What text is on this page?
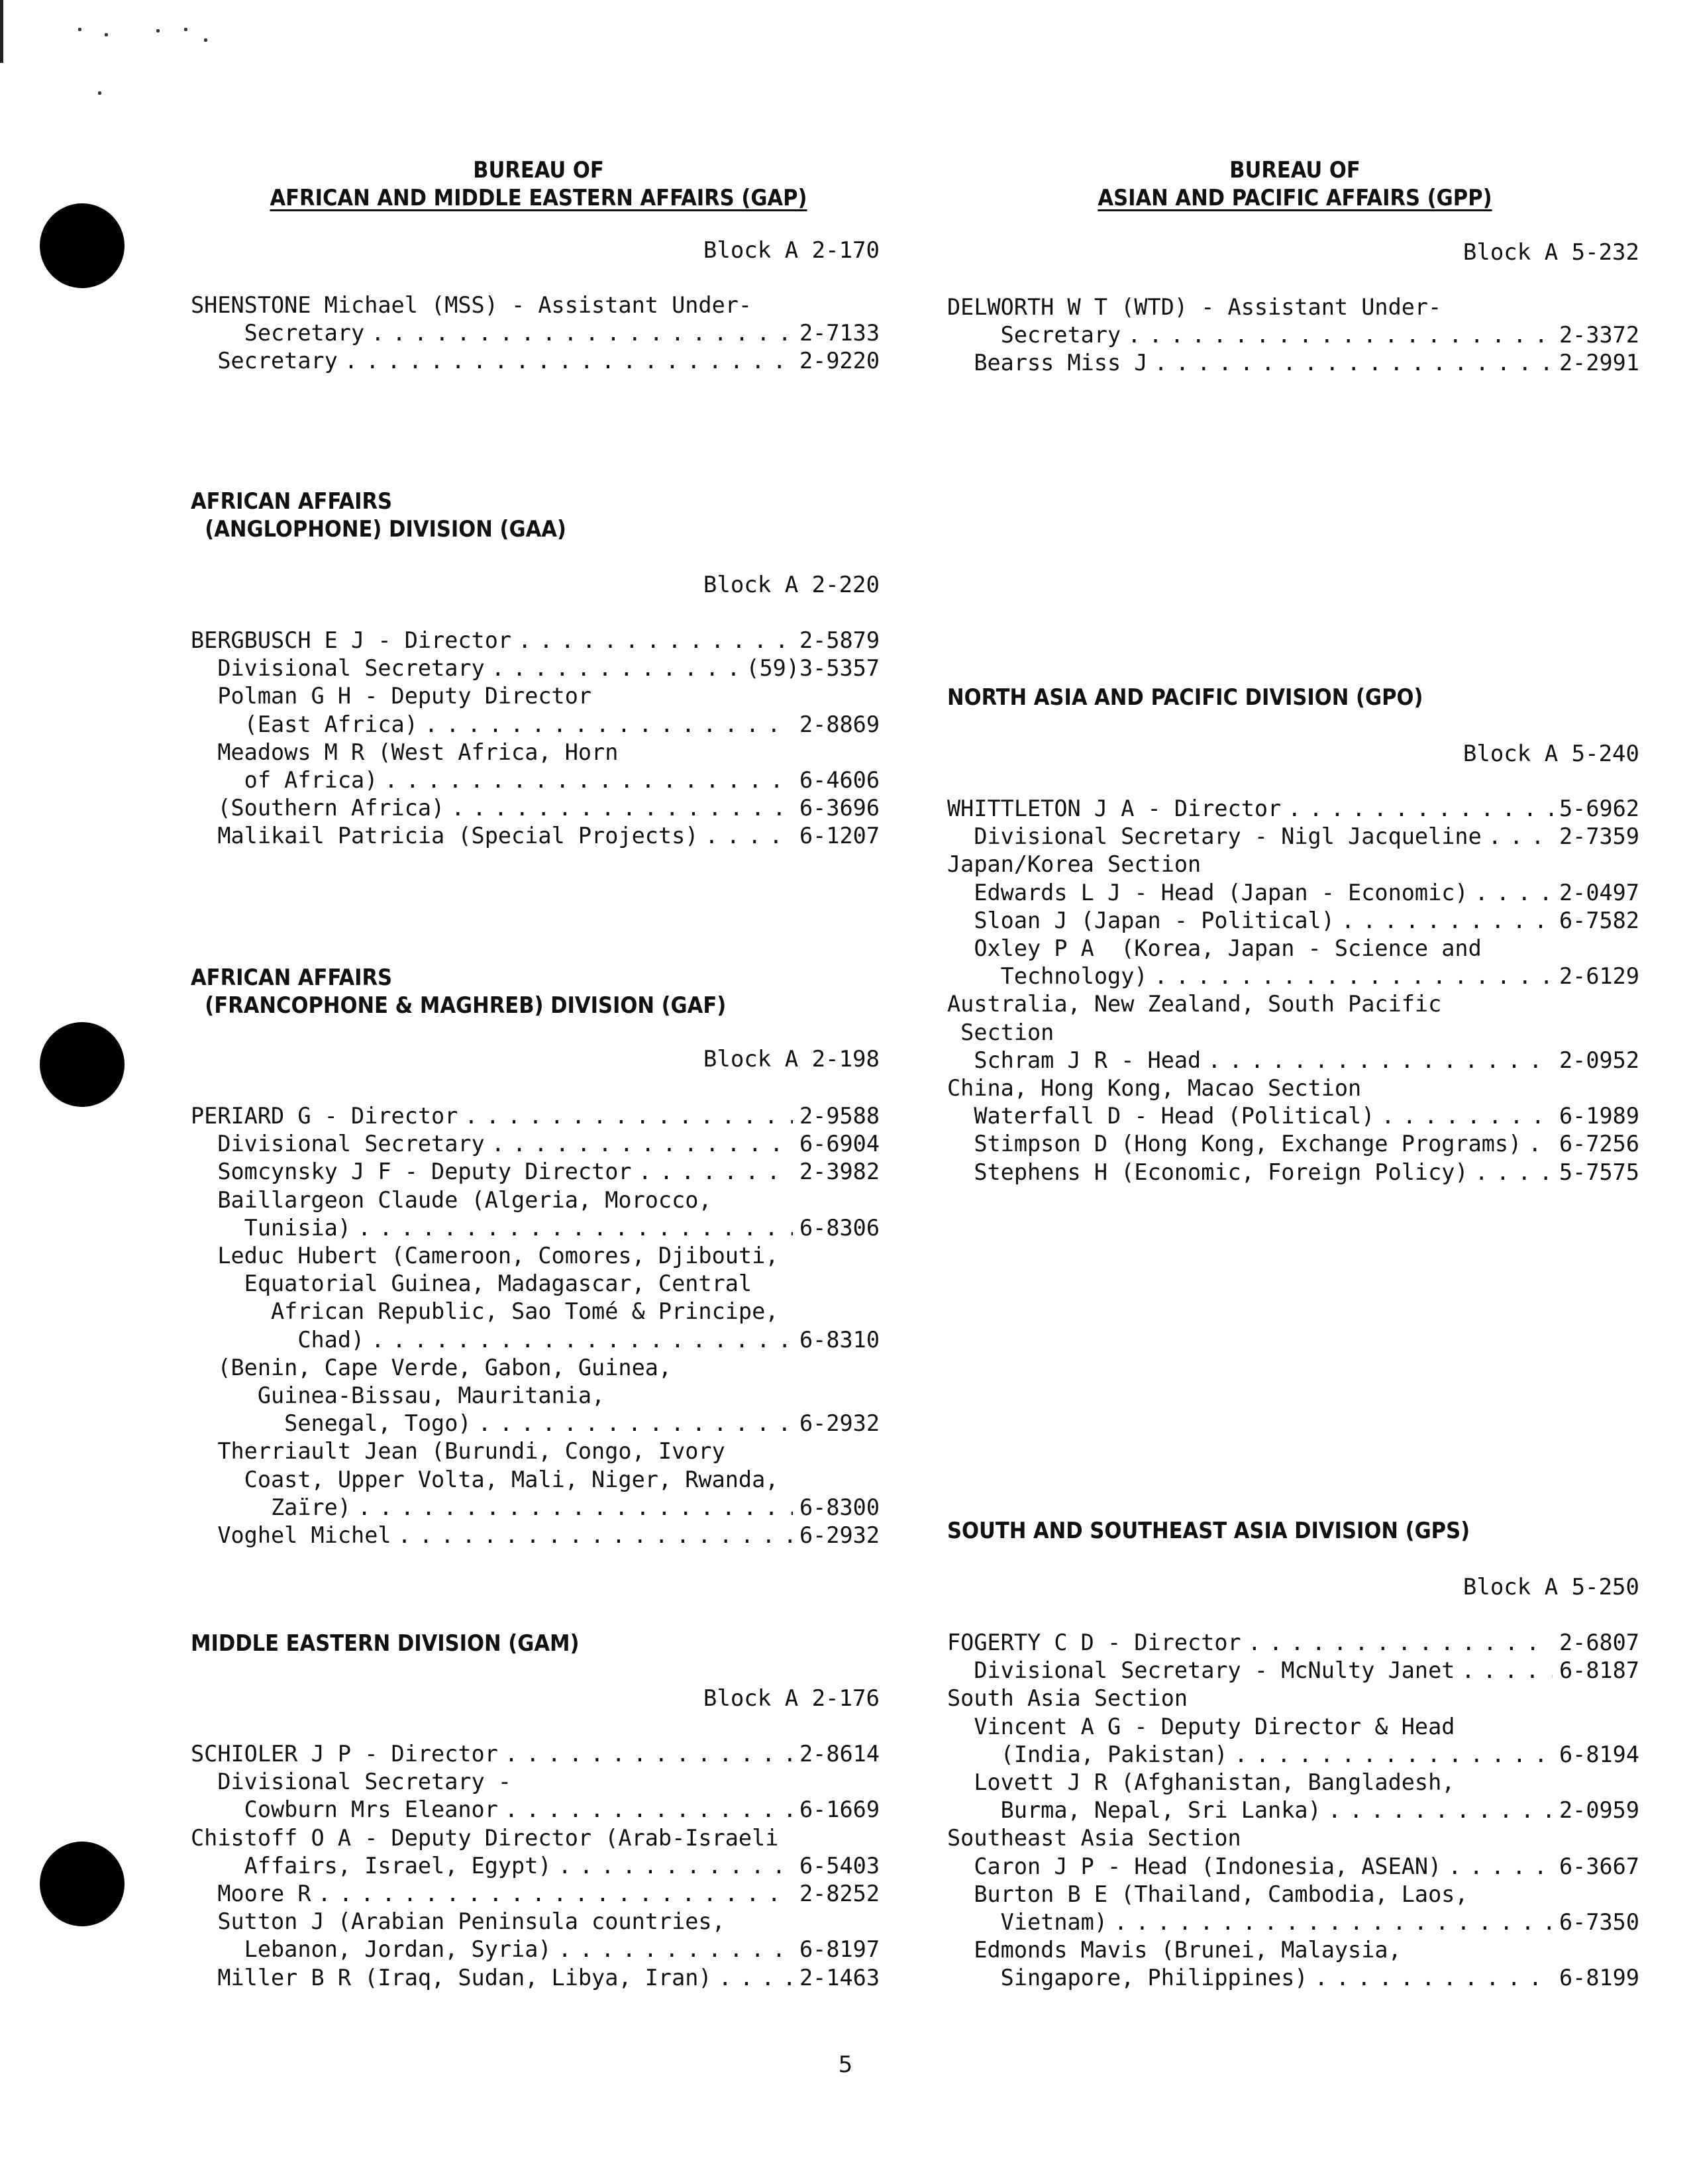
BUREAU OF
AFRICAN AND MIDDLE EASTERN AFFAIRS (GAP)
Block A 2-170
SHENSTONE Michael (MSS) - Assistant Under-
Secretary . . .	2-7133
Secretary . . .	2-9220
AFRICAN AFFAIRS
(ANGLOPHONE) DIVISION (GAA)
Block A 2-220
BERGBUSCH E J - Director . . .	2-5879
Divisional Secretary . . .	(59)3-5357
Polman G H - Deputy Director
(East Africa) . . .	2-8869
Meadows M R (West Africa, Horn
of Africa) . . .	6-4606
(Southern Africa) . . .	6-3696
Malikail Patricia (Special Projects) . . .	6-1207
AFRICAN AFFAIRS
(FRANCOPHONE & MAGHREB) DIVISION (GAF)
Block A 2-198
PERIARD G - Director . . .	2-9588
Divisional Secretary . . .	6-6904
Somcynsky J F - Deputy Director . . .	2-3982
Baillargeon Claude (Algeria, Morocco,
Tunisia) . . .	6-8306
Leduc Hubert (Cameroon, Comores, Djibouti,
Equatorial Guinea, Madagascar, Central
African Republic, Sao Tomé & Principe,
Chad) . . .	6-8310
(Benin, Cape Verde, Gabon, Guinea,
Guinea-Bissau, Mauritania,
Senegal, Togo) . . .	6-2932
Therriault Jean (Burundi, Congo, Ivory
Coast, Upper Volta, Mali, Niger, Rwanda,
Zaïre) . . .	6-8300
Voghel Michel . . .	6-2932
MIDDLE EASTERN DIVISION (GAM)
Block A 2-176
SCHIOLER J P - Director . . .	2-8614
Divisional Secretary -
Cowburn Mrs Eleanor . . .	6-1669
Chistoff O A - Deputy Director (Arab-Israeli
Affairs, Israel, Egypt) . . .	6-5403
Moore R . . .	2-8252
Sutton J (Arabian Peninsula countries,
Lebanon, Jordan, Syria) . . .	6-8197
Miller B R (Iraq, Sudan, Libya, Iran) . . .	2-1463
BUREAU OF
ASIAN AND PACIFIC AFFAIRS (GPP)
Block A 5-232
DELWORTH W T (WTD) - Assistant Under-
Secretary . . .	2-3372
Bearss Miss J . . .	2-2991
NORTH ASIA AND PACIFIC DIVISION (GPO)
Block A 5-240
WHITTLETON J A - Director . . .	5-6962
Divisional Secretary - Nigl Jacqueline . . .	2-7359
Japan/Korea Section
Edwards L J - Head (Japan - Economic) . . .	2-0497
Sloan J (Japan - Political) . . .	6-7582
Oxley P A  (Korea, Japan - Science and
Technology) . . .	2-6129
Australia, New Zealand, South Pacific
Section
Schram J R - Head . . .	2-0952
China, Hong Kong, Macao Section
Waterfall D - Head (Political) . . .	6-1989
Stimpson D (Hong Kong, Exchange Programs) . . . 6-7256
Stephens H (Economic, Foreign Policy) . . .	5-7575
SOUTH AND SOUTHEAST ASIA DIVISION (GPS)
Block A 5-250
FOGERTY C D - Director . . .	2-6807
Divisional Secretary - McNulty Janet . . .	6-8187
South Asia Section
Vincent A G - Deputy Director & Head
(India, Pakistan) . . .	6-8194
Lovett J R (Afghanistan, Bangladesh,
Burma, Nepal, Sri Lanka) . . .	2-0959
Southeast Asia Section
Caron J P - Head (Indonesia, ASEAN) . . .	6-3667
Burton B E (Thailand, Cambodia, Laos,
Vietnam) . . .	6-7350
Edmonds Mavis (Brunei, Malaysia,
Singapore, Philippines) . . .	6-8199
5
